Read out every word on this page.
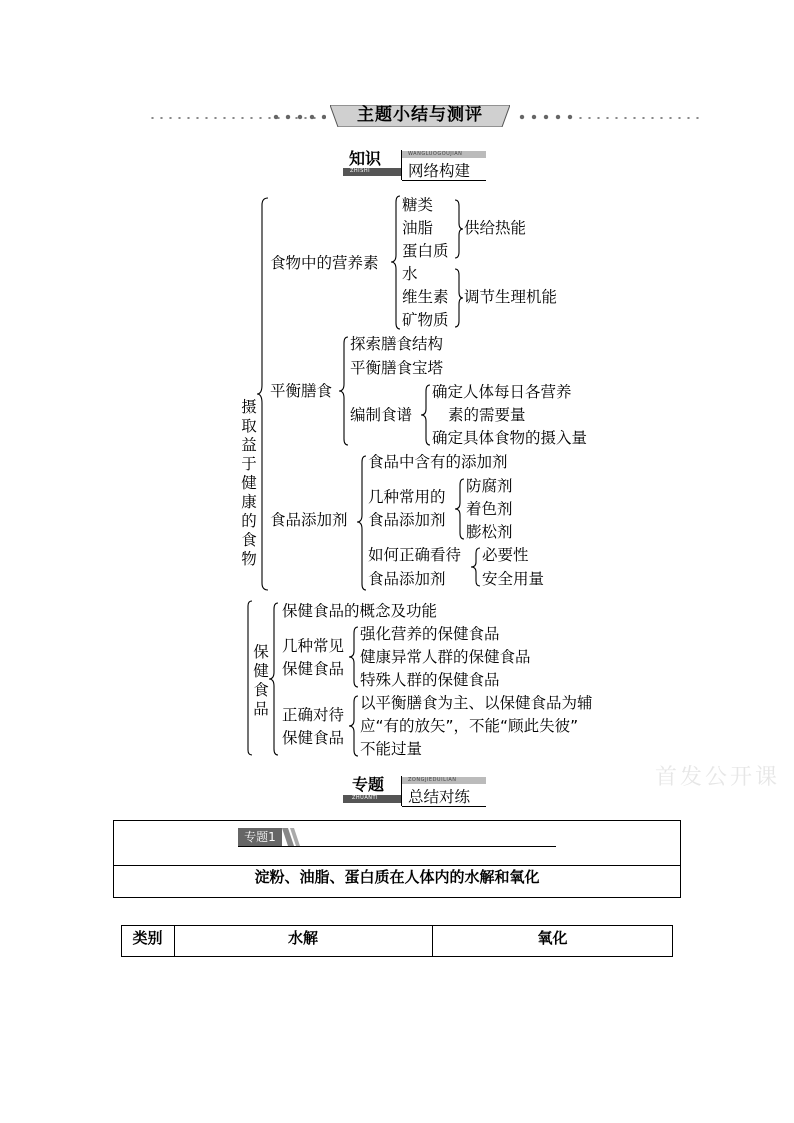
主题小结与测评
知识
ZHISHI
WANGLUOGOUJIAN
网络构建
摄取益于健康的食物
食物中的营养素
糖类
油脂
蛋白质
供给热能
水
维生素
矿物质
调节生理机能
平衡膳食
探索膳食结构
平衡膳食宝塔
编制食谱
确定人体每日各营养
素的需要量
确定具体食物的摄入量
食品添加剂
食品中含有的添加剂
几种常用的
食品添加剂
防腐剂
着色剂
膨松剂
如何正确看待
食品添加剂
必要性
安全用量
保健食品
保健食品的概念及功能
几种常见
保健食品
强化营养的保健食品
健康异常人群的保健食品
特殊人群的保健食品
正确对待
保健食品
以平衡膳食为主、以保健食品为辅
应“有的放矢”，不能“顾此失彼”
不能过量
专题
ZHUANTI
ZONGJIEDUILIAN
总结对练
首发公开课
专题1
淀粉、油脂、蛋白质在人体内的水解和氧化
类别	水解	氧化
